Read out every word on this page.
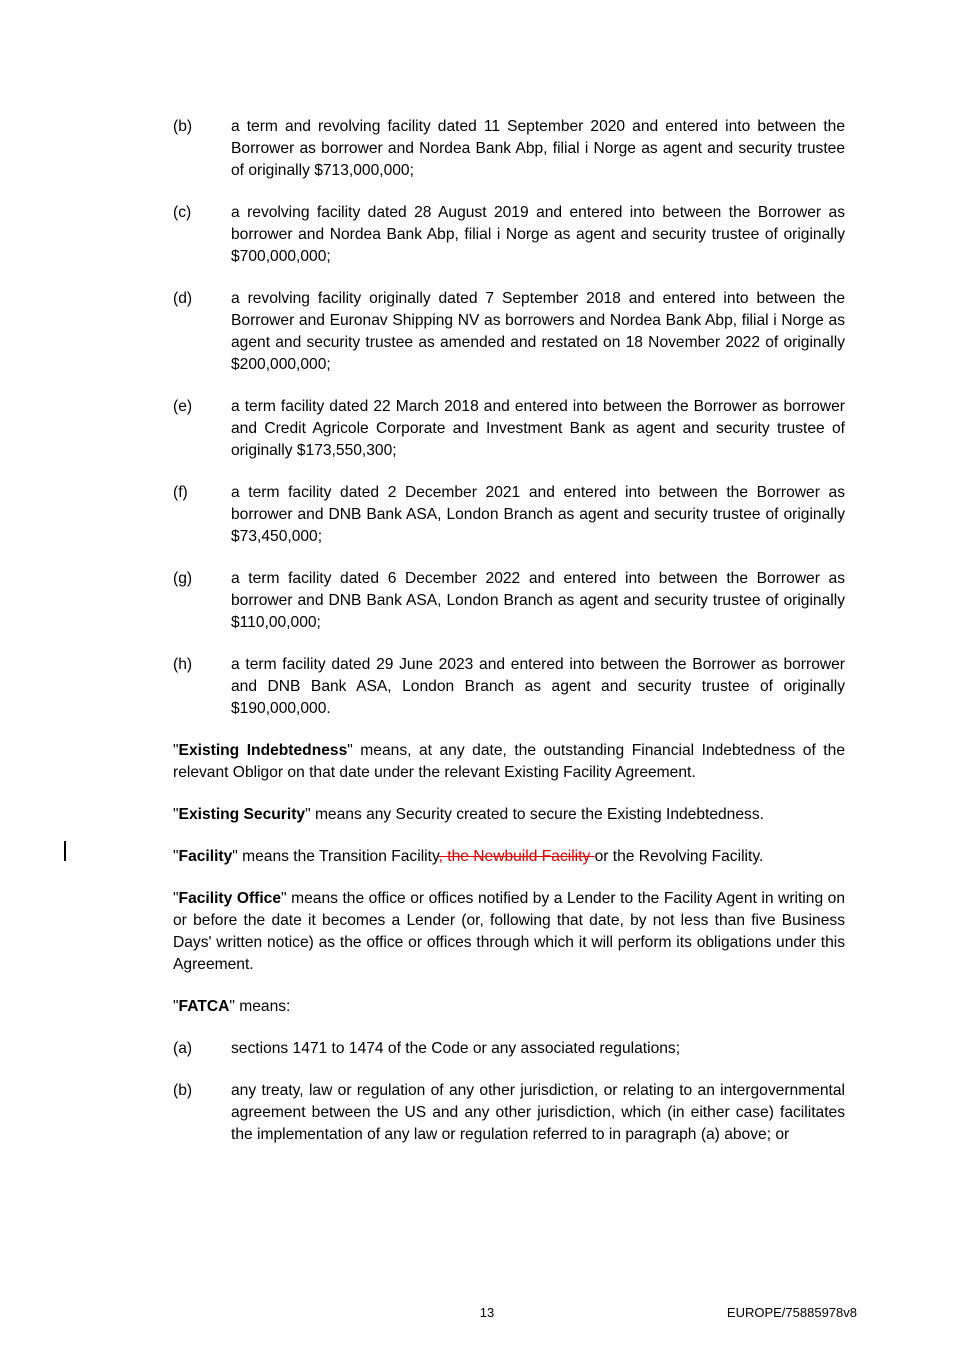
(b)	a term and revolving facility dated 11 September 2020 and entered into between the Borrower as borrower and Nordea Bank Abp, filial i Norge as agent and security trustee of originally $713,000,000;
(c)	a revolving facility dated 28 August 2019 and entered into between the Borrower as borrower and Nordea Bank Abp, filial i Norge as agent and security trustee of originally $700,000,000;
(d)	a revolving facility originally dated 7 September 2018 and entered into between the Borrower and Euronav Shipping NV as borrowers and Nordea Bank Abp, filial i Norge as agent and security trustee as amended and restated on 18 November 2022 of originally $200,000,000;
(e)	a term facility dated 22 March 2018 and entered into between the Borrower as borrower and Credit Agricole Corporate and Investment Bank as agent and security trustee of originally $173,550,300;
(f)	a term facility dated 2 December 2021 and entered into between the Borrower as borrower and DNB Bank ASA, London Branch as agent and security trustee of originally $73,450,000;
(g)	a term facility dated 6 December 2022 and entered into between the Borrower as borrower and DNB Bank ASA, London Branch as agent and security trustee of originally $110,00,000;
(h)	a term facility dated 29 June 2023 and entered into between the Borrower as borrower and DNB Bank ASA, London Branch as agent and security trustee of originally $190,000,000.

"Existing Indebtedness" means, at any date, the outstanding Financial Indebtedness of the relevant Obligor on that date under the relevant Existing Facility Agreement.

"Existing Security" means any Security created to secure the Existing Indebtedness.

"Facility" means the Transition Facility, the Newbuild Facility or the Revolving Facility.

"Facility Office" means the office or offices notified by a Lender to the Facility Agent in writing on or before the date it becomes a Lender (or, following that date, by not less than five Business Days' written notice) as the office or offices through which it will perform its obligations under this Agreement.

"FATCA" means:

(a)	sections 1471 to 1474 of the Code or any associated regulations;
(b)	any treaty, law or regulation of any other jurisdiction, or relating to an intergovernmental agreement between the US and any other jurisdiction, which (in either case) facilitates the implementation of any law or regulation referred to in paragraph (a) above; or
13	EUROPE/75885978v8
